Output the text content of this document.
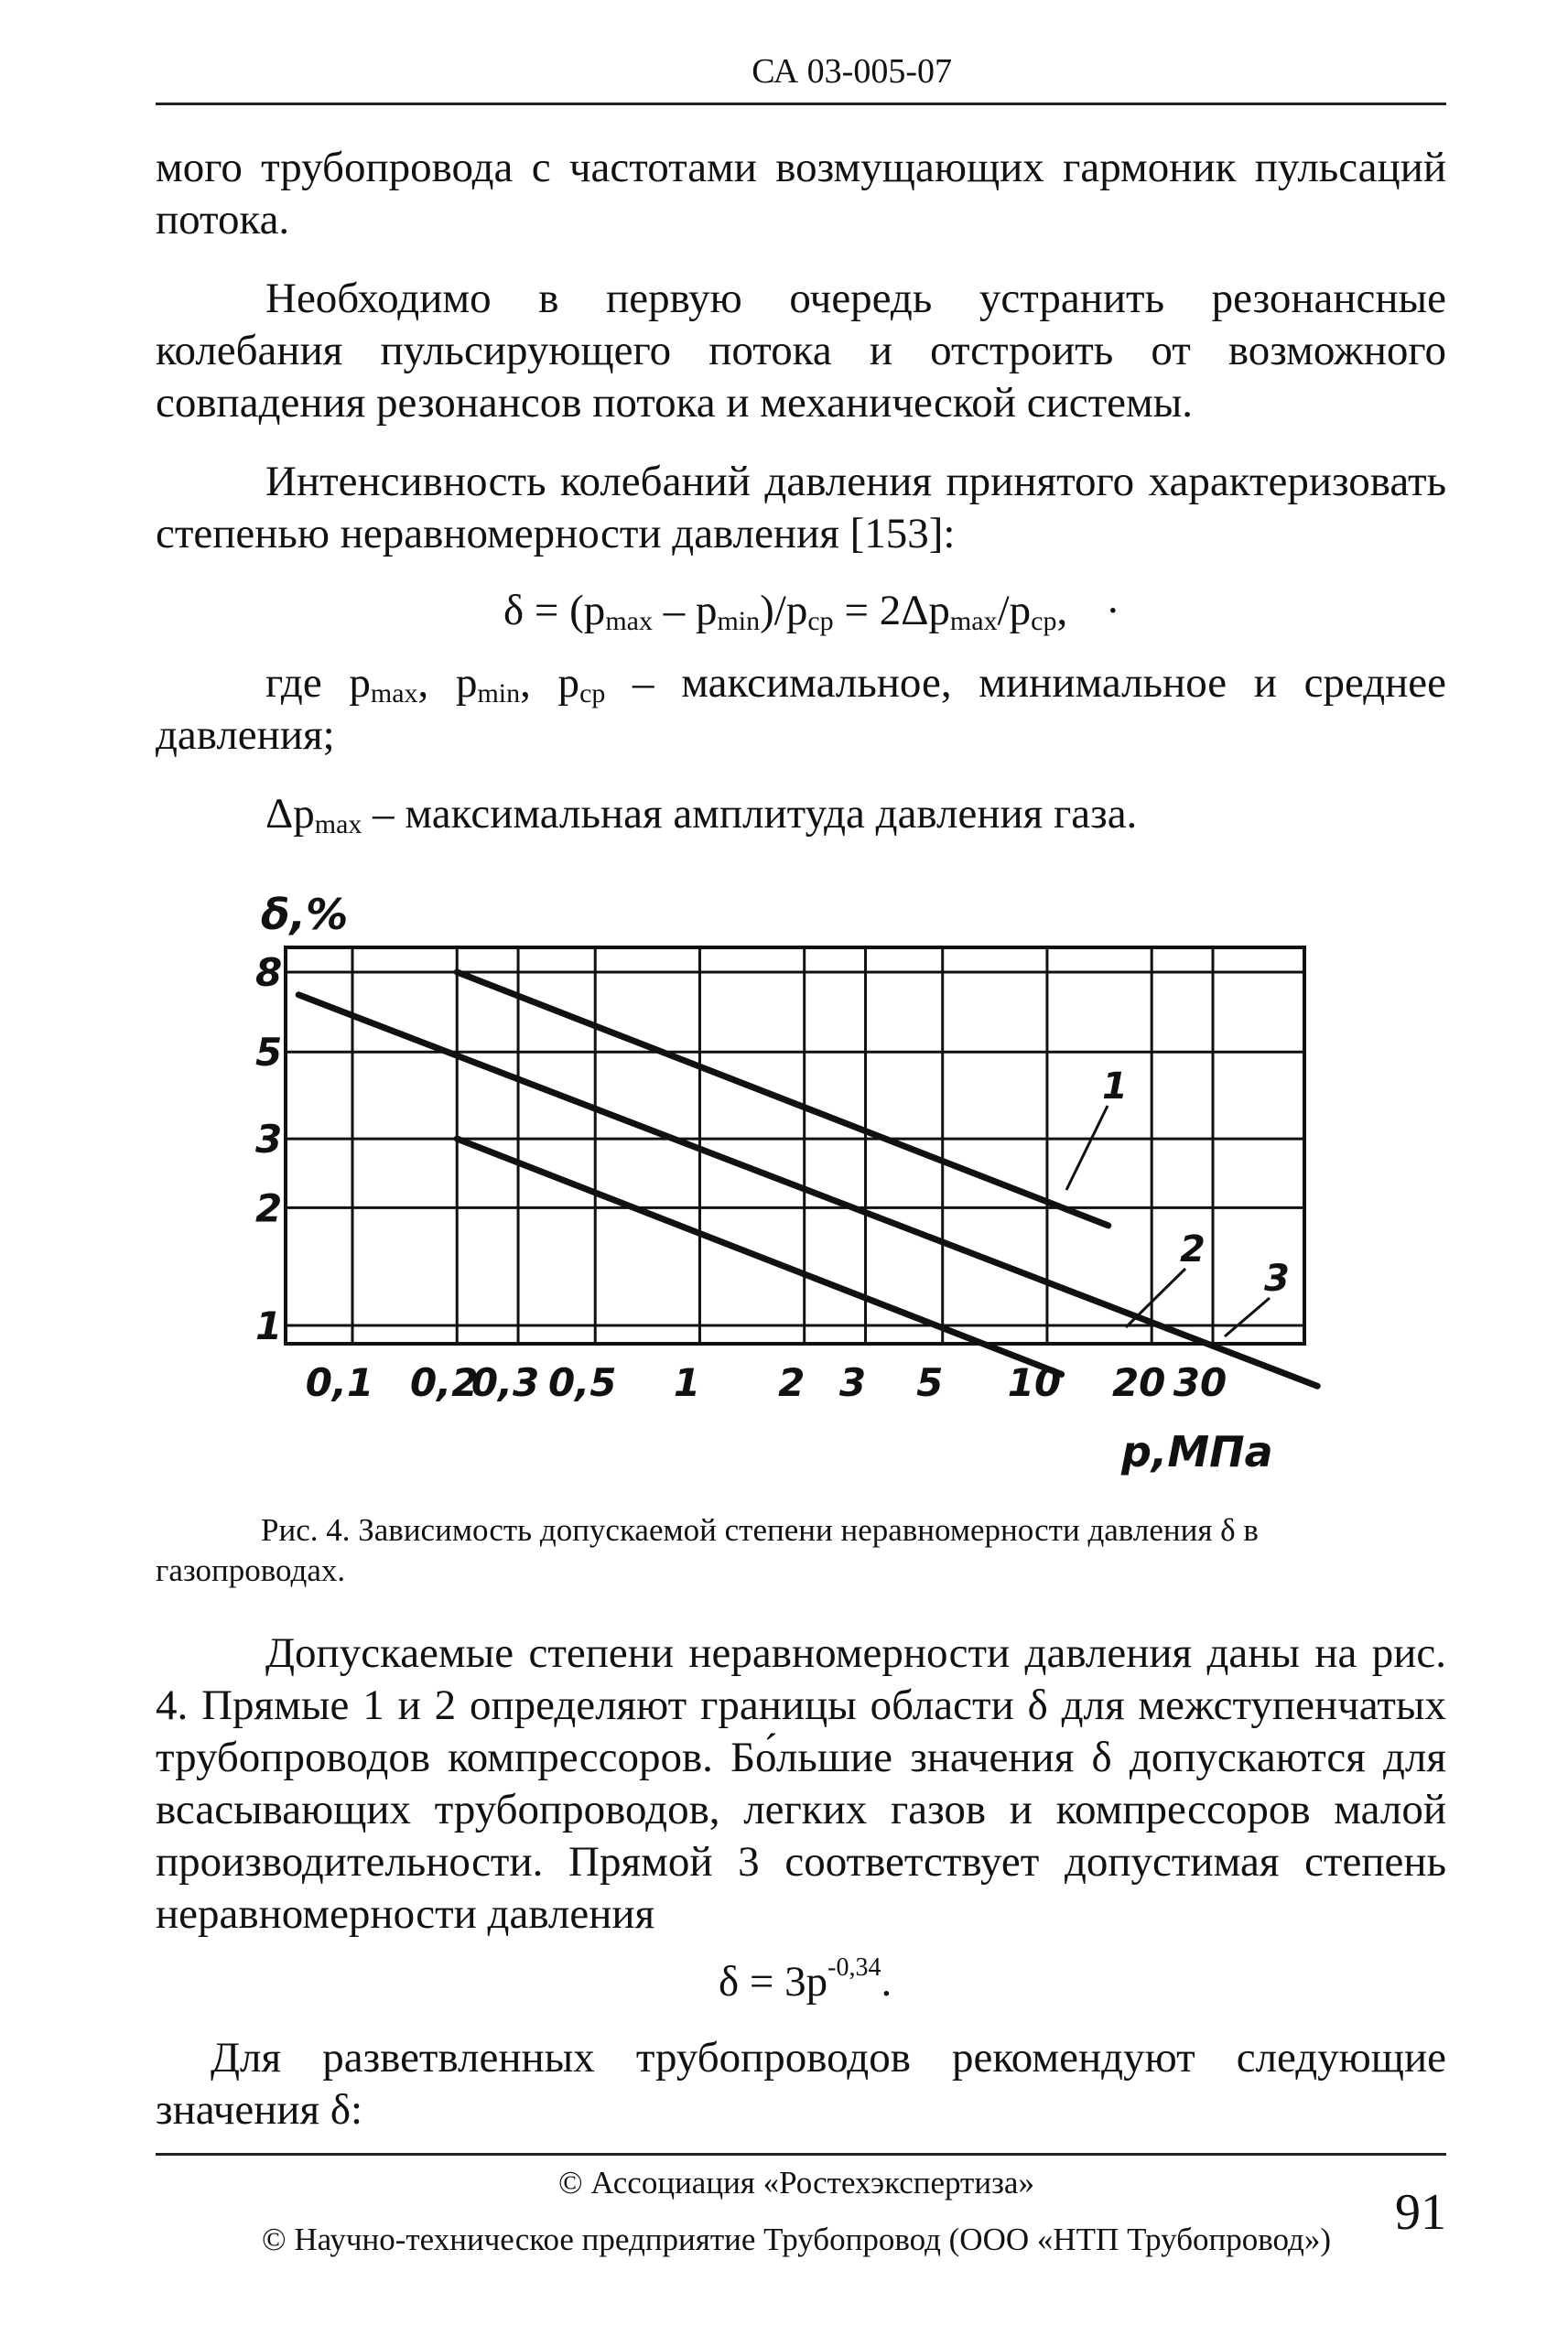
СА 03-005-07

мого трубопровода с частотами возмущающих гармоник пульсаций потока.

Необходимо в первую очередь устранить резонансные колебания пульсирующего потока и отстроить от возможного совпадения резонансов потока и механической системы.

Интенсивность колебаний давления принятого характеризовать степенью неравномерности давления [153]:

$\delta = (p_{max} - p_{min})/p_{ср} = 2\Delta p_{max}/p_{ср}$, ·

где $p_{max}$, $p_{min}$, $p_{ср}$ – максимальное, минимальное и среднее давления;

$\Delta p_{max}$ – максимальная амплитуда давления газа.
δ,%
p,МПа
8
5
3
2
1
0,1 0,2
0,3 0,5 1 2 3 5 10 20 30
1
2
3

Рис. 4. Зависимость допускаемой степени неравномерности давления δ в газопроводах.

Допускаемые степени неравномерности давления даны на рис. 4. Прямые 1 и 2 определяют границы области δ для межступенчатых трубопроводов компрессоров. Бо́льшие значения δ допускаются для всасывающих трубопроводов, легких газов и компрессоров малой производительности. Прямой 3 соответствует допустимая степень неравномерности давления

$\delta = 3p^{-0,34}$.

Для разветвленных трубопроводов рекомендуют следующие значения δ:

© Ассоциация «Ростехэкспертиза»
© Научно-техническое предприятие Трубопровод (ООО «НТП Трубопровод»)	91
